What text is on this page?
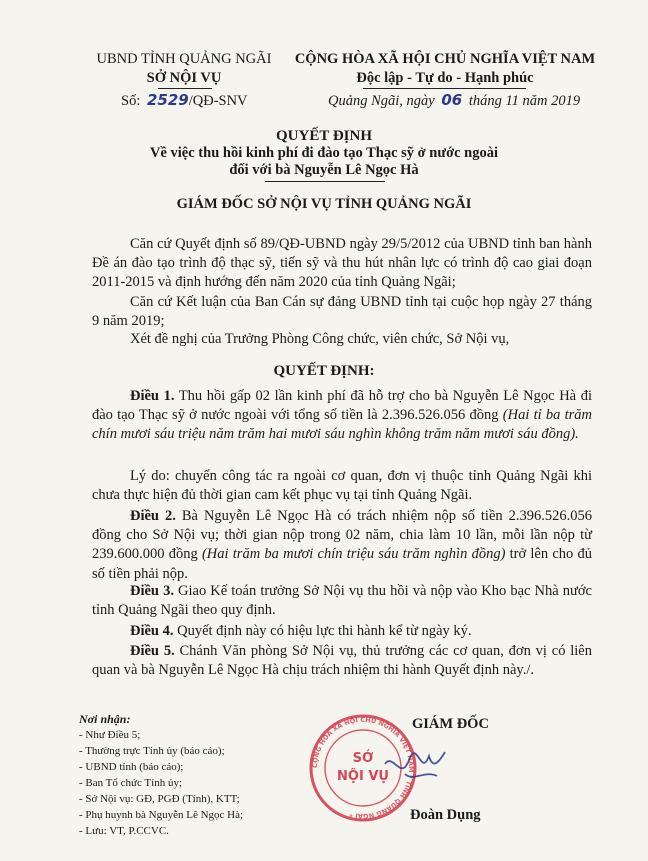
UBND TỈNH QUẢNG NGÃI
SỞ NỘI VỤ
Số: 2529/QĐ-SNV
CỘNG HÒA XÃ HỘI CHỦ NGHĨA VIỆT NAM
Độc lập - Tự do - Hạnh phúc
Quảng Ngãi, ngày 06 tháng 11 năm 2019
QUYẾT ĐỊNH
Về việc thu hồi kinh phí đi đào tạo Thạc sỹ ở nước ngoài
đối với bà Nguyễn Lê Ngọc Hà
GIÁM ĐỐC SỞ NỘI VỤ TỈNH QUẢNG NGÃI
Căn cứ Quyết định số 89/QĐ-UBND ngày 29/5/2012 của UBND tỉnh ban hành Đề án đào tạo trình độ thạc sỹ, tiến sỹ và thu hút nhân lực có trình độ cao giai đoạn 2011-2015 và định hướng đến năm 2020 của tỉnh Quảng Ngãi;
Căn cứ Kết luận của Ban Cán sự đảng UBND tỉnh tại cuộc họp ngày 27 tháng 9 năm 2019;
Xét đề nghị của Trưởng Phòng Công chức, viên chức, Sở Nội vụ,
QUYẾT ĐỊNH:
Điều 1. Thu hồi gấp 02 lần kinh phí đã hỗ trợ cho bà Nguyễn Lê Ngọc Hà đi đào tạo Thạc sỹ ở nước ngoài với tổng số tiền là 2.396.526.056 đồng (Hai tỉ ba trăm chín mươi sáu triệu năm trăm hai mươi sáu nghìn không trăm năm mươi sáu đồng).
Lý do: chuyển công tác ra ngoài cơ quan, đơn vị thuộc tỉnh Quảng Ngãi khi chưa thực hiện đủ thời gian cam kết phục vụ tại tỉnh Quảng Ngãi.
Điều 2. Bà Nguyễn Lê Ngọc Hà có trách nhiệm nộp số tiền 2.396.526.056 đồng cho Sở Nội vụ; thời gian nộp trong 02 năm, chia làm 10 lần, mỗi lần nộp từ 239.600.000 đồng (Hai trăm ba mươi chín triệu sáu trăm nghìn đồng) trở lên cho đủ số tiền phải nộp.
Điều 3. Giao Kế toán trưởng Sở Nội vụ thu hồi và nộp vào Kho bạc Nhà nước tỉnh Quảng Ngãi theo quy định.
Điều 4. Quyết định này có hiệu lực thi hành kể từ ngày ký.
Điều 5. Chánh Văn phòng Sở Nội vụ, thủ trưởng các cơ quan, đơn vị có liên quan và bà Nguyễn Lê Ngọc Hà chịu trách nhiệm thi hành Quyết định này./.
Nơi nhận:
- Như Điều 5;
- Thường trực Tỉnh ủy (báo cáo);
- UBND tỉnh (báo cáo);
- Ban Tổ chức Tỉnh ủy;
- Sở Nội vụ: GĐ, PGĐ (Tính), KTT;
- Phụ huynh bà Nguyễn Lê Ngọc Hà;
- Lưu: VT, P.CCVC.
GIÁM ĐỐC
CỘNG HÒA XÃ HỘI CHỦ NGHĨA VIỆT NAM * TỈNH QUẢNG NGÃI *
SỞ
NỘI VỤ
Đoàn Dụng
